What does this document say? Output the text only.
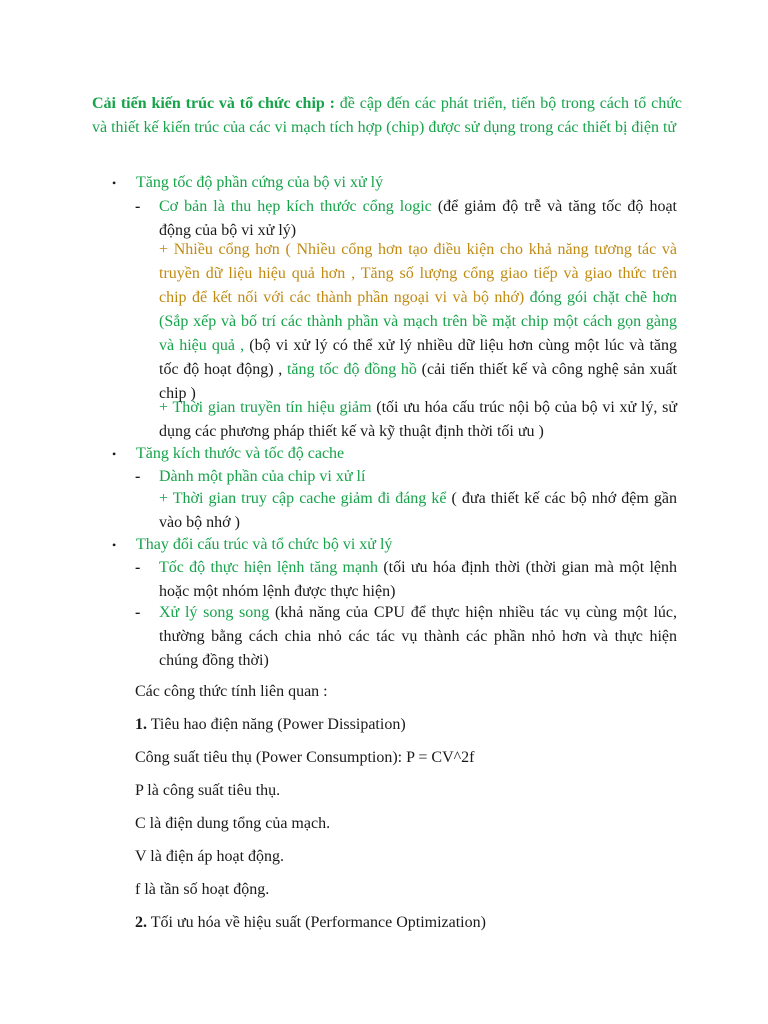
Cải tiến kiến trúc và tổ chức chip : đề cập đến các phát triển, tiến bộ trong cách tổ chức và thiết kế kiến trúc của các vi mạch tích hợp (chip) được sử dụng trong các thiết bị điện tử
• Tăng tốc độ phần cứng của bộ vi xử lý
- Cơ bản là thu hẹp kích thước cổng logic (để giảm độ trễ và tăng tốc độ hoạt động của bộ vi xử lý)
+ Nhiều cổng hơn ( Nhiều cổng hơn tạo điều kiện cho khả năng tương tác và truyền dữ liệu hiệu quả hơn , Tăng số lượng cổng giao tiếp và giao thức trên chip để kết nối với các thành phần ngoại vi và bộ nhớ) đóng gói chặt chẽ hơn (Sắp xếp và bố trí các thành phần và mạch trên bề mặt chip một cách gọn gàng và hiệu quả , (bộ vi xử lý có thể xử lý nhiều dữ liệu hơn cùng một lúc và tăng tốc độ hoạt động) , tăng tốc độ đồng hồ (cải tiến thiết kế và công nghệ sản xuất chip )
+ Thời gian truyền tín hiệu giảm (tối ưu hóa cấu trúc nội bộ của bộ vi xử lý, sử dụng các phương pháp thiết kế và kỹ thuật định thời tối ưu )
• Tăng kích thước và tốc độ cache
- Dành một phần của chip vi xử lí
+ Thời gian truy cập cache giảm đi đáng kể ( đưa thiết kế các bộ nhớ đệm gần vào bộ nhớ )
• Thay đổi cấu trúc và tổ chức bộ vi xử lý
- Tốc độ thực hiện lệnh tăng mạnh (tối ưu hóa định thời (thời gian mà một lệnh hoặc một nhóm lệnh được thực hiện)
- Xử lý song song (khả năng của CPU để thực hiện nhiều tác vụ cùng một lúc, thường bằng cách chia nhỏ các tác vụ thành các phần nhỏ hơn và thực hiện chúng đồng thời)
Các công thức tính liên quan :
1. Tiêu hao điện năng (Power Dissipation)
Công suất tiêu thụ (Power Consumption): P = CV^2f
P là công suất tiêu thụ.
C là điện dung tổng của mạch.
V là điện áp hoạt động.
f là tần số hoạt động.
2. Tối ưu hóa về hiệu suất (Performance Optimization)
